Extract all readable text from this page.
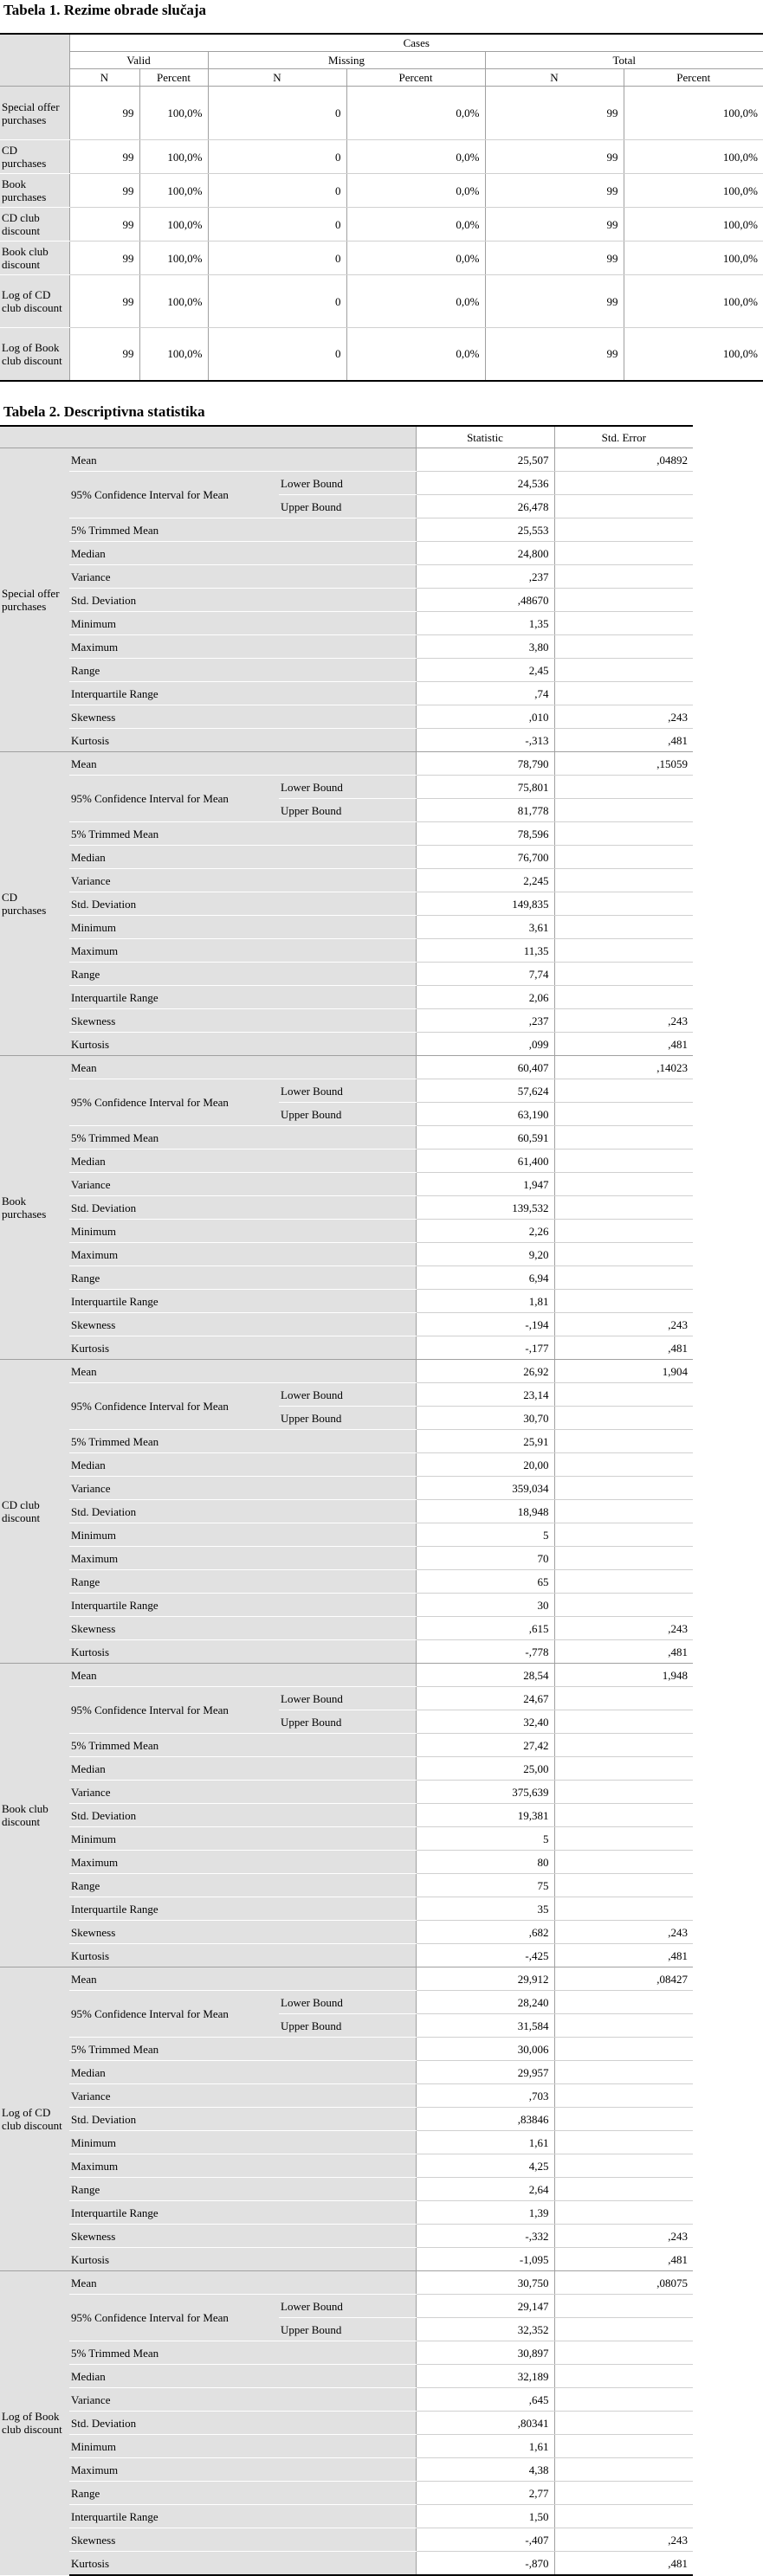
Tabela 1. Rezime obrade slučaja
	Cases					
	Valid		Missing		Total	
	N	Percent	N	Percent	N	Percent
Special offer purchases	99	100,0%	0	0,0%	99	100,0%
CD purchases	99	100,0%	0	0,0%	99	100,0%
Book purchases	99	100,0%	0	0,0%	99	100,0%
CD club discount	99	100,0%	0	0,0%	99	100,0%
Book club discount	99	100,0%	0	0,0%	99	100,0%
Log of CD club discount	99	100,0%	0	0,0%	99	100,0%
Log of Book club discount	99	100,0%	0	0,0%	99	100,0%
Tabela 2. Descriptivna statistika
			Statistic	Std. Error
Special offer purchases	Mean		25,507	,04892
	95% Confidence Interval for Mean	Lower Bound	24,536	
		Upper Bound	26,478	
	5% Trimmed Mean		25,553	
	Median		24,800	
	Variance		,237	
	Std. Deviation		,48670	
	Minimum		1,35	
	Maximum		3,80	
	Range		2,45	
	Interquartile Range		,74	
	Skewness		,010	,243
	Kurtosis		-,313	,481
CD purchases	Mean		78,790	,15059
	95% Confidence Interval for Mean	Lower Bound	75,801	
		Upper Bound	81,778	
	5% Trimmed Mean		78,596	
	Median		76,700	
	Variance		2,245	
	Std. Deviation		149,835	
	Minimum		3,61	
	Maximum		11,35	
	Range		7,74	
	Interquartile Range		2,06	
	Skewness		,237	,243
	Kurtosis		,099	,481
Book purchases	Mean		60,407	,14023
	95% Confidence Interval for Mean	Lower Bound	57,624	
		Upper Bound	63,190	
	5% Trimmed Mean		60,591	
	Median		61,400	
	Variance		1,947	
	Std. Deviation		139,532	
	Minimum		2,26	
	Maximum		9,20	
	Range		6,94	
	Interquartile Range		1,81	
	Skewness		-,194	,243
	Kurtosis		-,177	,481
CD club discount	Mean		26,92	1,904
	95% Confidence Interval for Mean	Lower Bound	23,14	
		Upper Bound	30,70	
	5% Trimmed Mean		25,91	
	Median		20,00	
	Variance		359,034	
	Std. Deviation		18,948	
	Minimum		5	
	Maximum		70	
	Range		65	
	Interquartile Range		30	
	Skewness		,615	,243
	Kurtosis		-,778	,481
Book club discount	Mean		28,54	1,948
	95% Confidence Interval for Mean	Lower Bound	24,67	
		Upper Bound	32,40	
	5% Trimmed Mean		27,42	
	Median		25,00	
	Variance		375,639	
	Std. Deviation		19,381	
	Minimum		5	
	Maximum		80	
	Range		75	
	Interquartile Range		35	
	Skewness		,682	,243
	Kurtosis		-,425	,481
Log of CD club discount	Mean		29,912	,08427
	95% Confidence Interval for Mean	Lower Bound	28,240	
		Upper Bound	31,584	
	5% Trimmed Mean		30,006	
	Median		29,957	
	Variance		,703	
	Std. Deviation		,83846	
	Minimum		1,61	
	Maximum		4,25	
	Range		2,64	
	Interquartile Range		1,39	
	Skewness		-,332	,243
	Kurtosis		-1,095	,481
Log of Book club discount	Mean		30,750	,08075
	95% Confidence Interval for Mean	Lower Bound	29,147	
		Upper Bound	32,352	
	5% Trimmed Mean		30,897	
	Median		32,189	
	Variance		,645	
	Std. Deviation		,80341	
	Minimum		1,61	
	Maximum		4,38	
	Range		2,77	
	Interquartile Range		1,50	
	Skewness		-,407	,243
	Kurtosis		-,870	,481
